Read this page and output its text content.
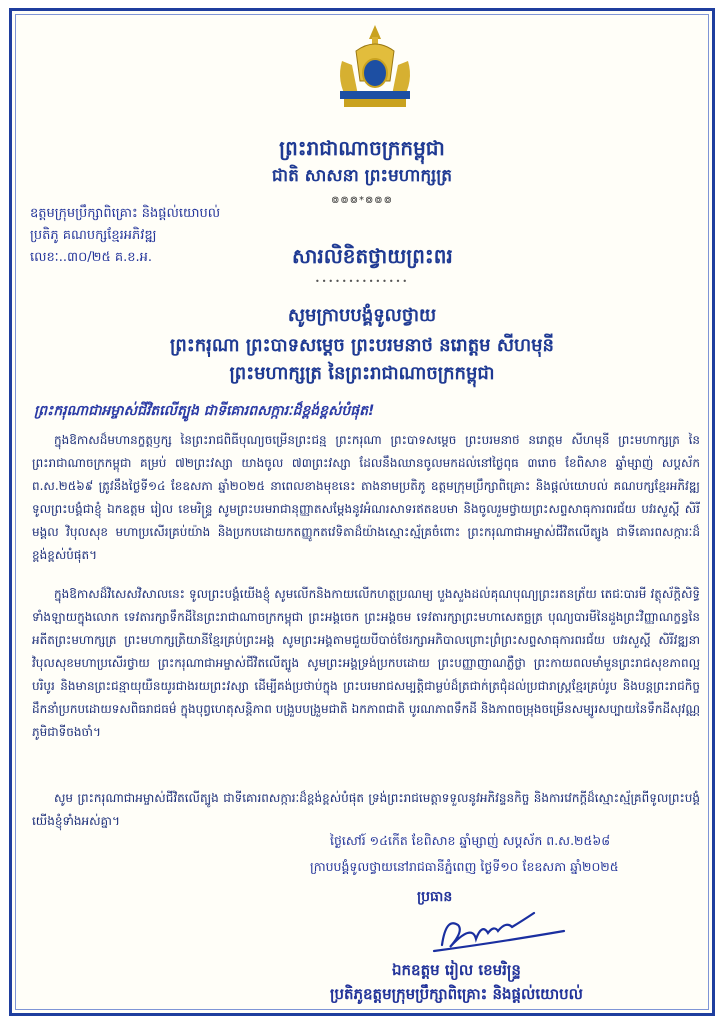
ព្រះរាជាណាចក្រកម្ពុជា
ជាតិ សាសនា ព្រះមហាក្សត្រ
៙៙៙*៙៙៙
ឧត្តមក្រុមប្រឹក្សាពិគ្រោះ និងផ្តល់យោបល់
ប្រតិភូ គណបក្សខ្មែរអភិវឌ្ឍ
លេខៈ..៣០/២៥ គ.ខ.អ.	សារលិខិតថ្វាយព្រះពរ
••••••••••••••
សូមក្រាបបង្គំទូលថ្វាយ
ព្រះករុណា ព្រះបាទសម្តេច ព្រះបរមនាថ នរោត្តម សីហមុនី
ព្រះមហាក្សត្រ នៃព្រះរាជាណាចក្រកម្ពុជា
ព្រះករុណាជាអម្ចាស់ជីវិតលើត្បូង ជាទីគោរពសក្ការៈដ៏ខ្ពង់ខ្ពស់បំផុត!
ក្នុងឱកាសដ៏មហានក្ខត្តឫក្ស នៃព្រះរាជពិធីបុណ្យចម្រើនព្រះជន្ម ព្រះករុណា ព្រះបាទសម្តេច ព្រះបរមនាថ នរោត្តម សីហមុនី ព្រះមហាក្សត្រ នៃព្រះរាជាណាចក្រកម្ពុជា គម្រប់ ៧២ព្រះវស្សា យាងចូល ៧៣ព្រះវស្សា ដែលនឹងឈានចូលមកដល់នៅថ្ងៃពុធ ៣រោច ខែពិសាខ ឆ្នាំម្សាញ់ សប្តស័ក ព.ស.២៥៦៩ ត្រូវនឹងថ្ងៃទី១៤ ខែឧសភា ឆ្នាំ២០២៥ នាពេលខាងមុខនេះ តាងនាមប្រតិភូ ឧត្តមក្រុមប្រឹក្សាពិគ្រោះ និងផ្តល់យោបល់ គណបក្សខ្មែរអភិវឌ្ឍ ទូលព្រះបង្គំជាខ្ញុំ ឯកឧត្តម រៀល ខេមរិន្ទ្រ សូមព្រះបរមរាជានុញ្ញាតសម្តែងនូវអំណរសាទរឥតឧបមា និងចូលរួមថ្វាយព្រះសព្ទសាធុការពរជ័យ បវរសួស្តី សិរីមង្គល វិបុលសុខ មហាប្រសើរគ្រប់យ៉ាង និងប្រកបដោយកតញ្ញូកតវេទិតាដ៏យ៉ាងស្មោះស្ម័គ្រចំពោះ ព្រះករុណាជាអម្ចាស់ជីវិតលើត្បូង ជាទីគោរពសក្ការៈដ៏ខ្ពង់ខ្ពស់បំផុត។
ក្នុងឱកាសដ៏វិសេសវិសាលនេះ ទូលព្រះបង្គំយើងខ្ញុំ សូមលើកនិងកាយលើកហត្ថប្រណម្យ បួងសួងដល់គុណបុណ្យព្រះរតនត្រ័យ តេជៈបារមី វត្ថុស័ក្តិសិទ្ធិទាំងឡាយក្នុងលោក ទេវតារក្សាទឹកដីនៃព្រះរាជាណាចក្រកម្ពុជា ព្រះអង្គចេក ព្រះអង្គចម ទេវតារក្សាព្រះមហាសេតច្ឆត្រ បុណ្យបារមីនៃដួងព្រះវិញ្ញាណក្ខន្ធនៃអតីតព្រះមហាក្សត្រ ព្រះមហាក្សត្រិយានីខ្មែរគ្រប់ព្រះអង្គ សូមព្រះអង្គតាមជួយបីបាច់ថែរក្សាអភិបាលព្រោះព្រំព្រះសព្ទសាធុការពរជ័យ បវរសួស្តី សិរីវឌ្ឍនា វិបុលសុខមហាប្រសើរថ្វាយ ព្រះករុណាជាអម្ចាស់ជីវិតលើត្បូង សូមព្រះអង្គទ្រង់ប្រកបដោយ ព្រះបញ្ញាញាណភ្លឺថ្លា ព្រះកាយពលមាំមួនព្រះរាជសុខភាពល្អបរិបូរ និងមានព្រះជន្មាយុយឺនយូរជាងរយព្រះវស្សា ដើម្បីគង់ប្រថាប់ក្នុង ព្រះបរមរាជសម្បត្តិជាម្លប់ដ៏ត្រជាក់ត្រជុំដល់ប្រជារាស្ត្រខ្មែរគ្រប់រូប និងបន្តព្រះរាជកិច្ចដឹកនាំប្រកបដោយទសពិធរាជធម៌ ក្នុងបុព្វហេតុសន្តិភាព បង្រួបបង្រួមជាតិ ឯកភាពជាតិ បូរណភាពទឹកដី និងភាពចម្រុងចម្រើនសម្បូរសប្បាយនៃទឹកដីសុវណ្ណភូមិជាទីចងចាំ។
សូម ព្រះករុណាជាអម្ចាស់ជីវិតលើត្បូង ជាទីគោរពសក្ការៈដ៏ខ្ពង់ខ្ពស់បំផុត ទ្រង់ព្រះរាជមេត្តាទទួលនូវអភិវន្ទនកិច្ច និងការវេកក្តីដ៏ស្មោះស្ម័គ្រពីទូលព្រះបង្គំយើងខ្ញុំទាំងអស់គ្នា។
ថ្ងៃសៅរ៍ ១៤កើត ខែពិសាខ ឆ្នាំម្សាញ់ សប្តស័ក ព.ស.២៥៦៨
ក្រាបបង្គំទូលថ្វាយនៅរាជធានីភ្នំពេញ ថ្ងៃទី១០ ខែឧសភា ឆ្នាំ២០២៥
ប្រធាន
ឯកឧត្តម រៀល ខេមរិន្ទ្រ
ប្រតិភូឧត្តមក្រុមប្រឹក្សាពិគ្រោះ និងផ្តល់យោបល់
